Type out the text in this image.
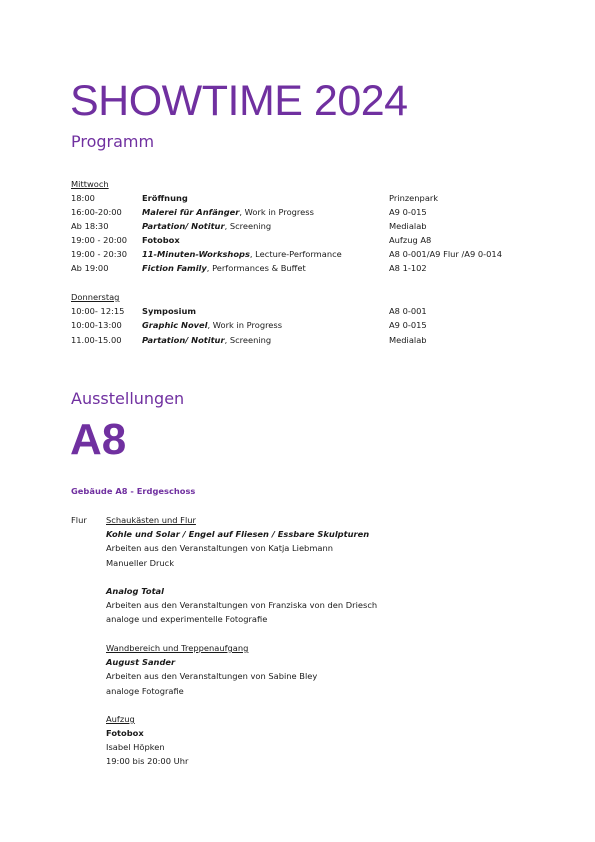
SHOWTIME 2024
Programm
Mittwoch
18:00	Eröffnung	Prinzenpark
16:00-20:00 Malerei für Anfänger, Work in Progress	A9 0-015
Ab 18:30	Partation/ Notitur, Screening	Medialab
19:00 - 20:00 Fotobox	Aufzug A8
19:00 - 20:30 11-Minuten-Workshops, Lecture-Performance	A8 0-001/A9 Flur /A9 0-014
Ab 19:00	Fiction Family, Performances & Buffet	A8 1-102
Donnerstag
10:00- 12:15 Symposium	A8 0-001
10:00-13:00 Graphic Novel, Work in Progress	A9 0-015
11.00-15.00 Partation/ Notitur, Screening	Medialab
Ausstellungen
A8
Gebäude A8 - Erdgeschoss
Flur Schaukästen und Flur
Kohle und Solar / Engel auf Fliesen / Essbare Skulpturen
Arbeiten aus den Veranstaltungen von Katja Liebmann
Manueller Druck
Analog Total
Arbeiten aus den Veranstaltungen von Franziska von den Driesch
analoge und experimentelle Fotografie
Wandbereich und Treppenaufgang
August Sander
Arbeiten aus den Veranstaltungen von Sabine Bley
analoge Fotografie
Aufzug
Fotobox
Isabel Höpken
19:00 bis 20:00 Uhr
